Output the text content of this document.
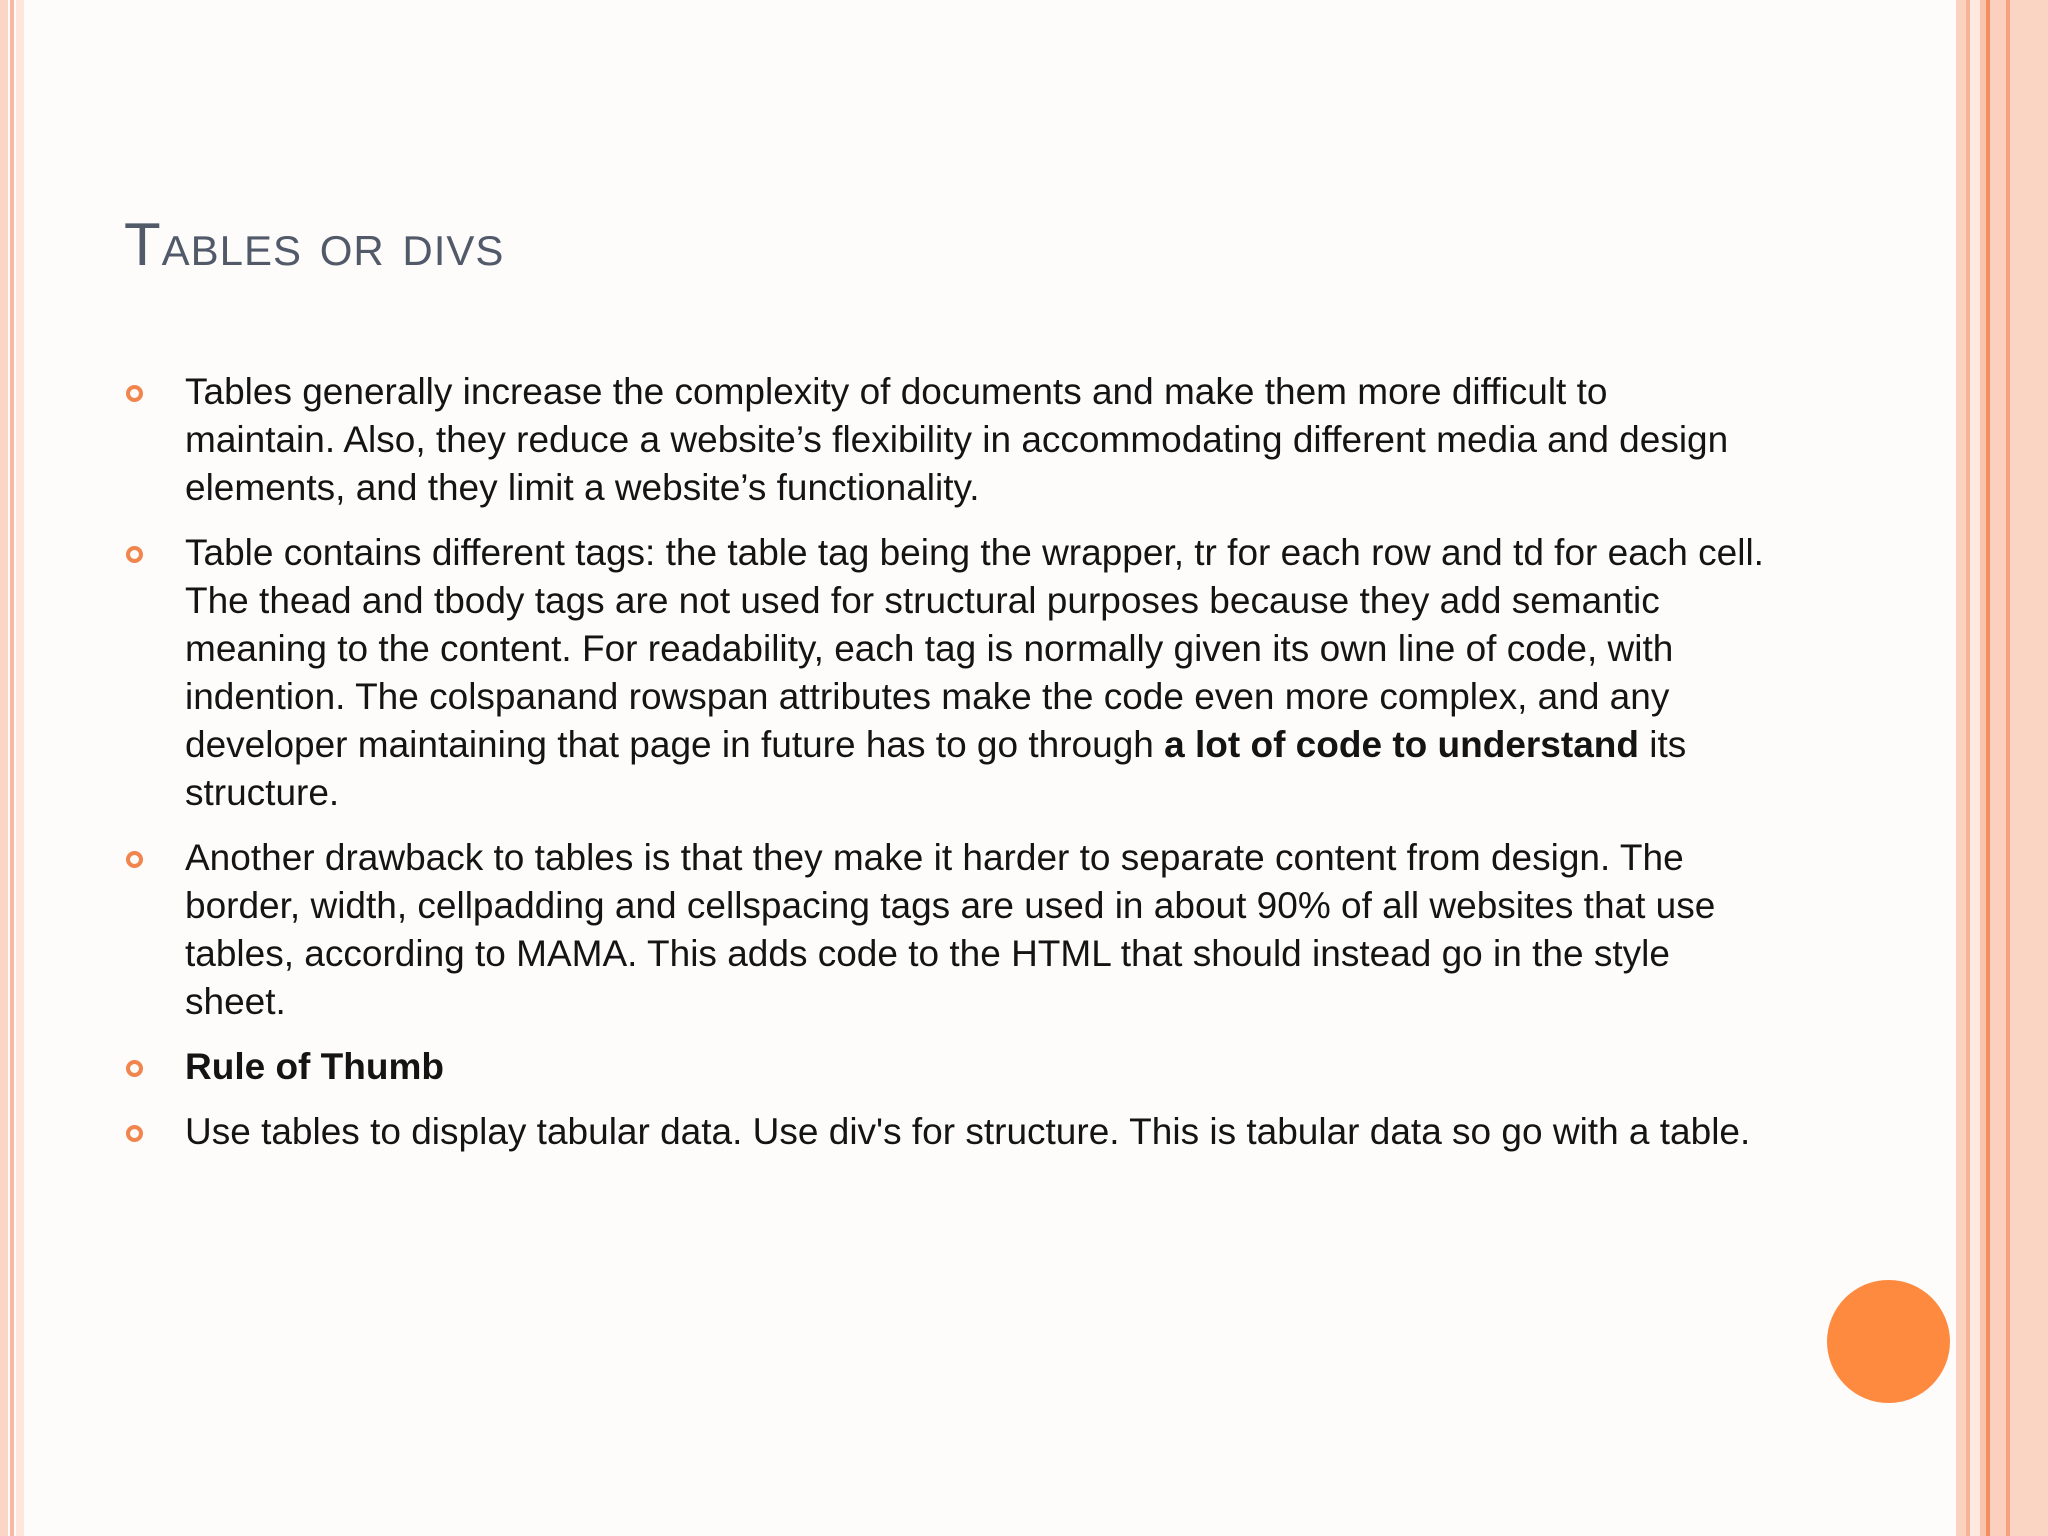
Tables or divs
Tables generally increase the complexity of documents and make them more difficult to maintain. Also, they reduce a website’s flexibility in accommodating different media and design elements, and they limit a website’s functionality.
Table contains different tags: the table tag being the wrapper, tr for each row and td for each cell. The thead and tbody tags are not used for structural purposes because they add semantic meaning to the content. For readability, each tag is normally given its own line of code, with indention. The colspanand rowspan attributes make the code even more complex, and any developer maintaining that page in future has to go through a lot of code to understand its structure.
Another drawback to tables is that they make it harder to separate content from design. The border, width, cellpadding and cellspacing tags are used in about 90% of all websites that use tables, according to MAMA. This adds code to the HTML that should instead go in the style sheet.
Rule of Thumb
Use tables to display tabular data. Use div's for structure. This is tabular data so go with a table.
